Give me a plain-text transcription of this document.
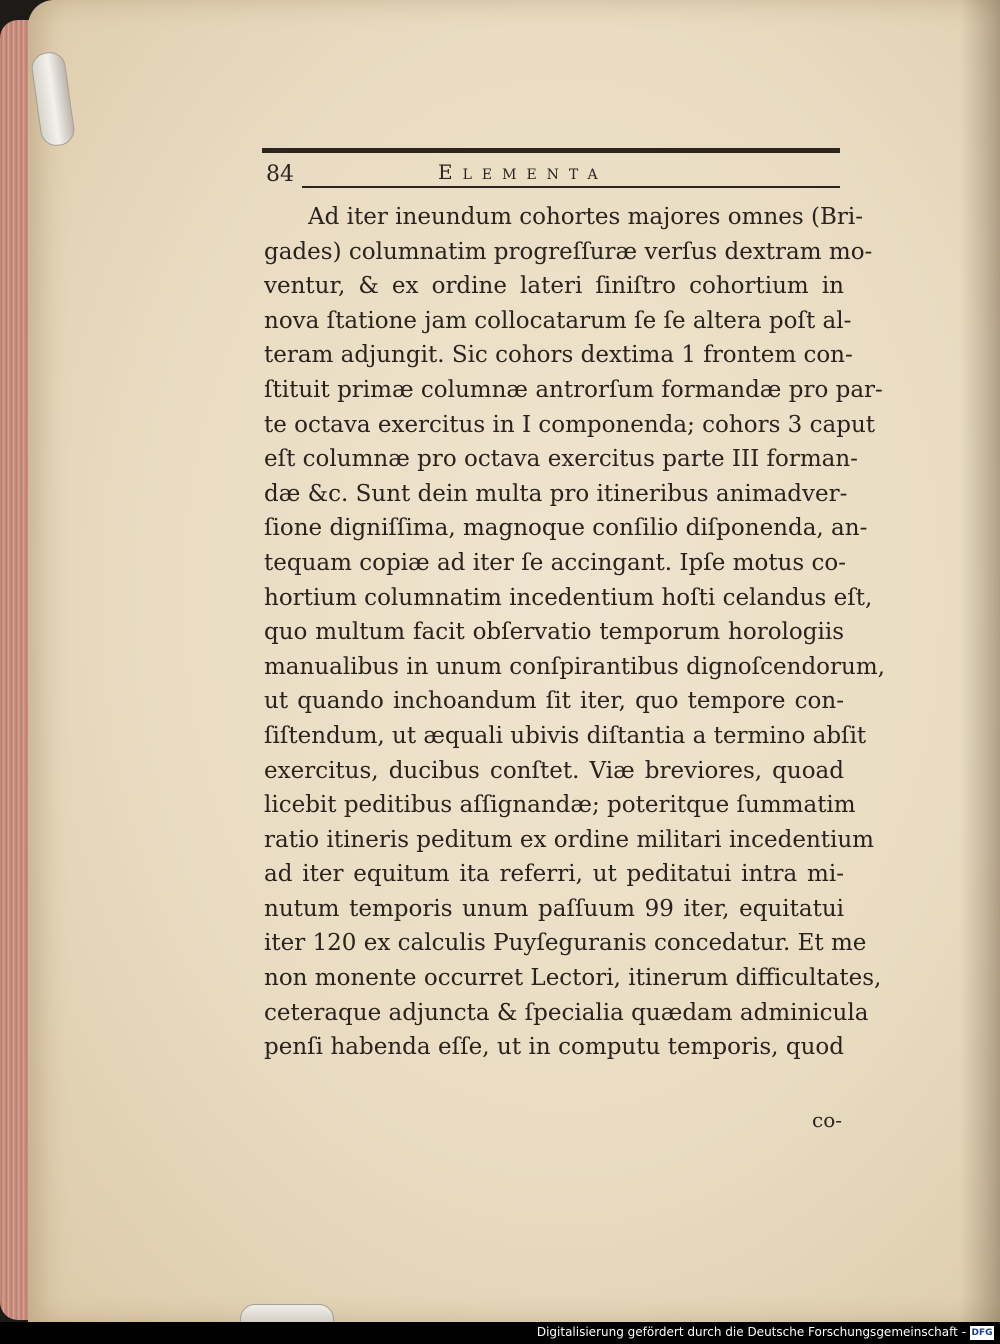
84	Elementa
Ad iter ineundum cohortes majores omnes (Bri-
gades) columnatim progreſſuræ verſus dextram mo-
ventur, & ex ordine lateri ſiniſtro cohortium in
nova ſtatione jam collocatarum ſe ſe altera poſt al-
teram adjungit. Sic cohors dextima 1 frontem con-
ſtituit primæ columnæ antrorſum formandæ pro par-
te octava exercitus in I componenda; cohors 3 caput
eſt columnæ pro octava exercitus parte III forman-
dæ &c. Sunt dein multa pro itineribus animadver-
ſione digniſſima, magnoque conſilio diſponenda, an-
tequam copiæ ad iter ſe accingant. Ipſe motus co-
hortium columnatim incedentium hoſti celandus eſt,
quo multum facit obſervatio temporum horologiis
manualibus in unum conſpirantibus dignoſcendorum,
ut quando inchoandum ſit iter, quo tempore con-
ſiſtendum, ut æquali ubivis diſtantia a termino abſit
exercitus, ducibus conſtet. Viæ breviores, quoad
licebit peditibus aſſignandæ; poteritque ſummatim
ratio itineris peditum ex ordine militari incedentium
ad iter equitum ita referri, ut peditatui intra mi-
nutum temporis unum paſſuum 99 iter, equitatui
iter 120 ex calculis Puyſeguranis concedatur. Et me
non monente occurret Lectori, itinerum difficultates,
ceteraque adjuncta & ſpecialia quædam adminicula
penſi habenda eſſe, ut in computu temporis, quod
co-
Digitalisierung gefördert durch die Deutsche Forschungsgemeinschaft - DFG
